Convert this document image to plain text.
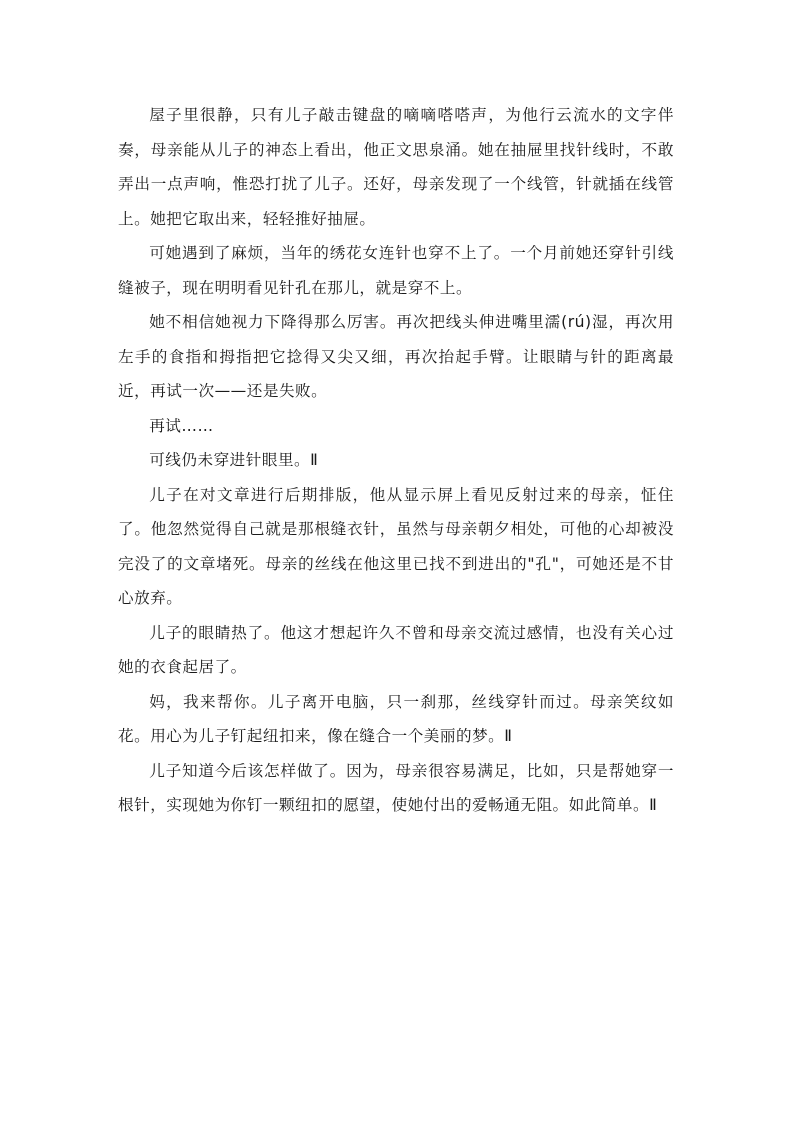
屋子里很静，只有儿子敲击键盘的嘀嘀嗒嗒声，为他行云流水的文字伴奏，母亲能从儿子的神态上看出，他正文思泉涌。她在抽屉里找针线时，不敢弄出一点声响，惟恐打扰了儿子。还好，母亲发现了一个线管，针就插在线管上。她把它取出来，轻轻推好抽屉。

可她遇到了麻烦，当年的绣花女连针也穿不上了。一个月前她还穿针引线缝被子，现在明明看见针孔在那儿，就是穿不上。

她不相信她视力下降得那么厉害。再次把线头伸进嘴里濡(rú)湿，再次用左手的食指和拇指把它捻得又尖又细，再次抬起手臂。让眼睛与针的距离最近，再试一次——还是失败。

再试……

可线仍未穿进针眼里。Ⅱ

儿子在对文章进行后期排版，他从显示屏上看见反射过来的母亲，怔住了。他忽然觉得自己就是那根缝衣针，虽然与母亲朝夕相处，可他的心却被没完没了的文章堵死。母亲的丝线在他这里已找不到进出的"孔"，可她还是不甘心放弃。

儿子的眼睛热了。他这才想起许久不曾和母亲交流过感情，也没有关心过她的衣食起居了。

妈，我来帮你。儿子离开电脑，只一刹那，丝线穿针而过。母亲笑纹如花。用心为儿子钉起纽扣来，像在缝合一个美丽的梦。Ⅱ

儿子知道今后该怎样做了。因为，母亲很容易满足，比如，只是帮她穿一根针，实现她为你钉一颗纽扣的愿望，使她付出的爱畅通无阻。如此简单。Ⅱ
